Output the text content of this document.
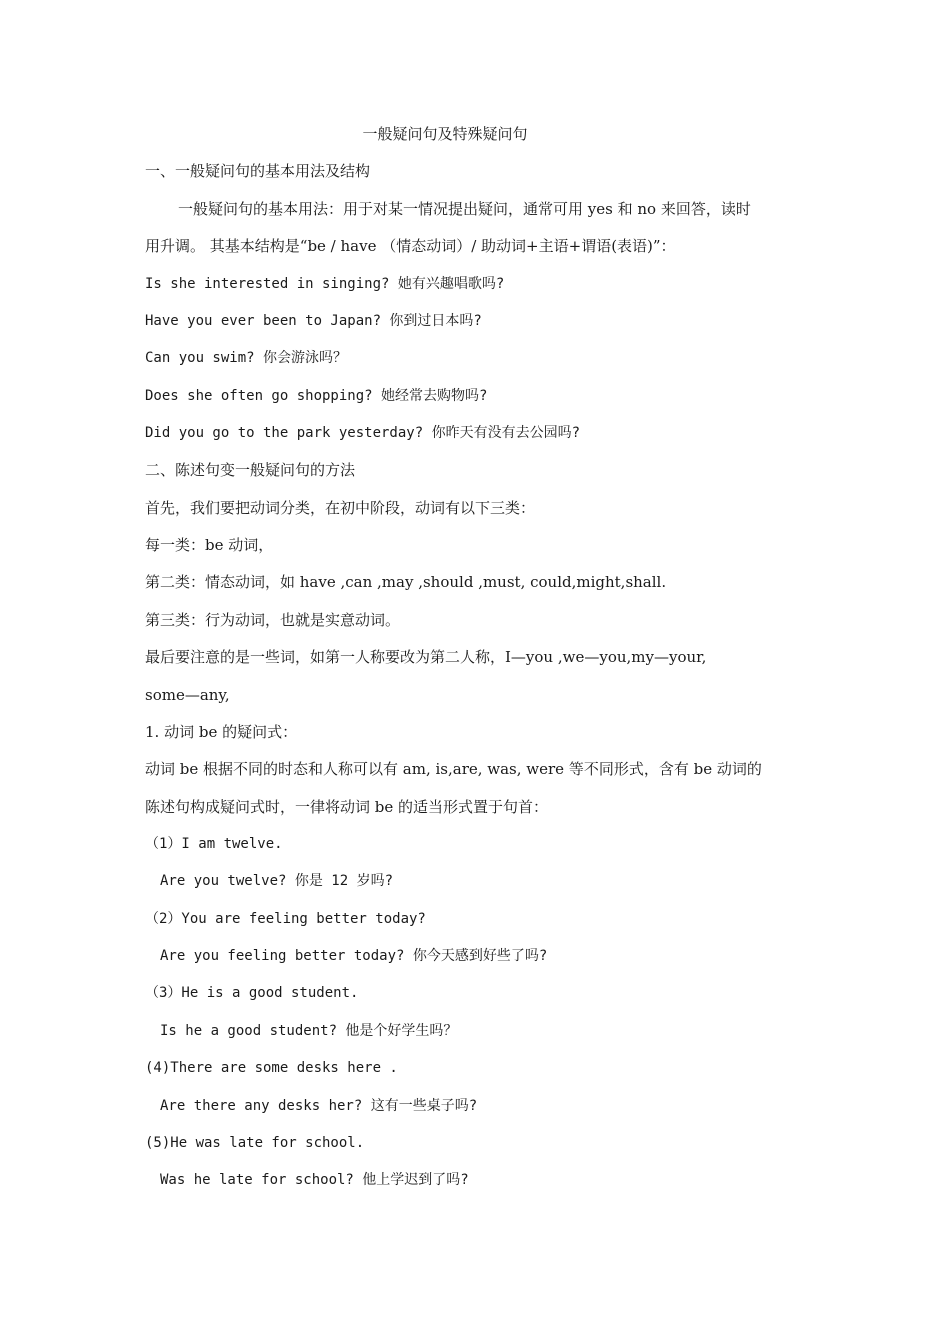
一般疑问句及特殊疑问句
一、一般疑问句的基本用法及结构
一般疑问句的基本用法：用于对某一情况提出疑问，通常可用 yes 和 no 来回答，读时
用升调。 其基本结构是“be / have （情态动词）/ 助动词+主语+谓语(表语)”：
Is she interested in singing? 她有兴趣唱歌吗?
Have you ever been to Japan? 你到过日本吗?
Can you swim? 你会游泳吗？
Does she often go shopping? 她经常去购物吗?
Did you go to the park yesterday? 你昨天有没有去公园吗?
二、陈述句变一般疑问句的方法
首先，我们要把动词分类，在初中阶段，动词有以下三类：
每一类：be 动词，
第二类：情态动词，如 have ,can ,may ,should ,must, could,might,shall.
第三类：行为动词，也就是实意动词。
最后要注意的是一些词，如第一人称要改为第二人称，I—you ,we—you,my—your,
some—any,
1. 动词 be 的疑问式：
动词 be 根据不同的时态和人称可以有 am, is,are, was, were 等不同形式，含有 be 动词的
陈述句构成疑问式时，一律将动词 be 的适当形式置于句首：
（1）I am twelve.
Are you twelve? 你是 12 岁吗?
（2）You are feeling better today?
Are you feeling better today? 你今天感到好些了吗?
（3）He is a good student.
Is he a good student? 他是个好学生吗？
(4)There are some desks here .
Are there any desks her? 这有一些桌子吗?
(5)He was late for school.
Was he late for school? 他上学迟到了吗?
